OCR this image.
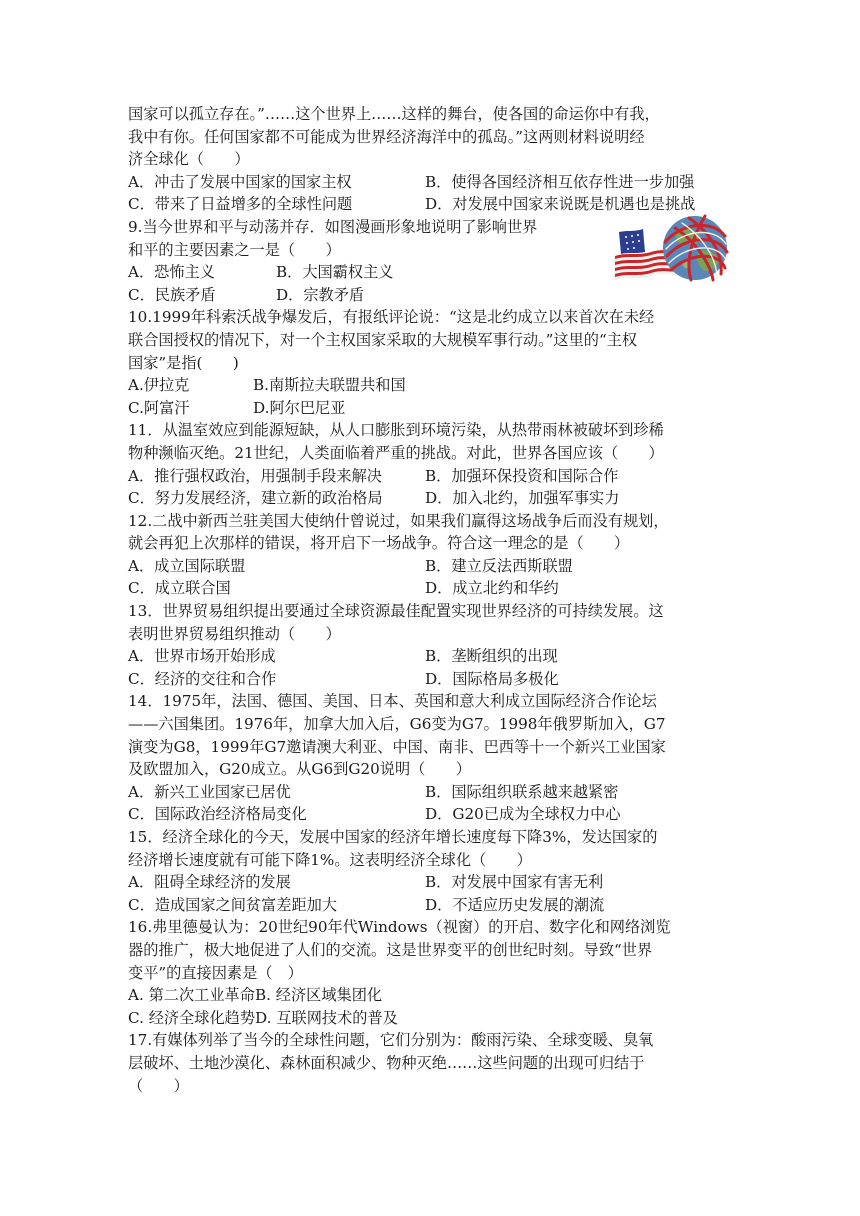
国家可以孤立存在。”……这个世界上……这样的舞台，使各国的命运你中有我，
我中有你。任何国家都不可能成为世界经济海洋中的孤岛。”这两则材料说明经
济全球化（　　）
A．冲击了发展中国家的国家主权	B．使得各国经济相互依存性进一步加强
C．带来了日益增多的全球性问题	D．对发展中国家来说既是机遇也是挑战
9.当今世界和平与动荡并存．如图漫画形象地说明了影响世界
和平的主要因素之一是（　　）
A．恐怖主义	B．大国霸权主义
C．民族矛盾	D．宗教矛盾
10.1999年科索沃战争爆发后，有报纸评论说：“这是北约成立以来首次在未经
联合国授权的情况下，对一个主权国家采取的大规模军事行动。”这里的“主权
国家”是指(　　)
A.伊拉克	B.南斯拉夫联盟共和国
C.阿富汗	D.阿尔巴尼亚
11．从温室效应到能源短缺，从人口膨胀到环境污染，从热带雨林被破坏到珍稀
物种濒临灭绝。21世纪，人类面临着严重的挑战。对此，世界各国应该（　　）
A．推行强权政治，用强制手段来解决	B．加强环保投资和国际合作
C．努力发展经济，建立新的政治格局	D．加入北约，加强军事实力
12.二战中新西兰驻美国大使纳什曾说过，如果我们赢得这场战争后而没有规划，
就会再犯上次那样的错误，将开启下一场战争。符合这一理念的是（　　）
A．成立国际联盟	B．建立反法西斯联盟
C．成立联合国	D．成立北约和华约
13．世界贸易组织提出要通过全球资源最佳配置实现世界经济的可持续发展。这
表明世界贸易组织推动（　　）
A．世界市场开始形成	B．垄断组织的出现
C．经济的交往和合作	D．国际格局多极化
14．1975年，法国、德国、美国、日本、英国和意大利成立国际经济合作论坛
——六国集团。1976年，加拿大加入后，G6变为G7。1998年俄罗斯加入，G7
演变为G8，1999年G7邀请澳大利亚、中国、南非、巴西等十一个新兴工业国家
及欧盟加入，G20成立。从G6到G20说明（　　）
A．新兴工业国家已居优	B．国际组织联系越来越紧密
C．国际政治经济格局变化	D．G20已成为全球权力中心
15．经济全球化的今天，发展中国家的经济年增长速度每下降3%，发达国家的
经济增长速度就有可能下降1%。这表明经济全球化（　　）
A．阻碍全球经济的发展	B．对发展中国家有害无利
C．造成国家之间贫富差距加大	D．不适应历史发展的潮流
16.弗里德曼认为：20世纪90年代Windows（视窗）的开启、数字化和网络浏览
器的推广，极大地促进了人们的交流。这是世界变平的创世纪时刻。导致“世界
变平”的直接因素是（　）
A. 第二次工业革命 B. 经济区域集团化
C. 经济全球化趋势 D. 互联网技术的普及
17.有媒体列举了当今的全球性问题，它们分别为：酸雨污染、全球变暖、臭氧
层破坏、土地沙漠化、森林面积减少、物种灭绝……这些问题的出现可归结于
（　　）
